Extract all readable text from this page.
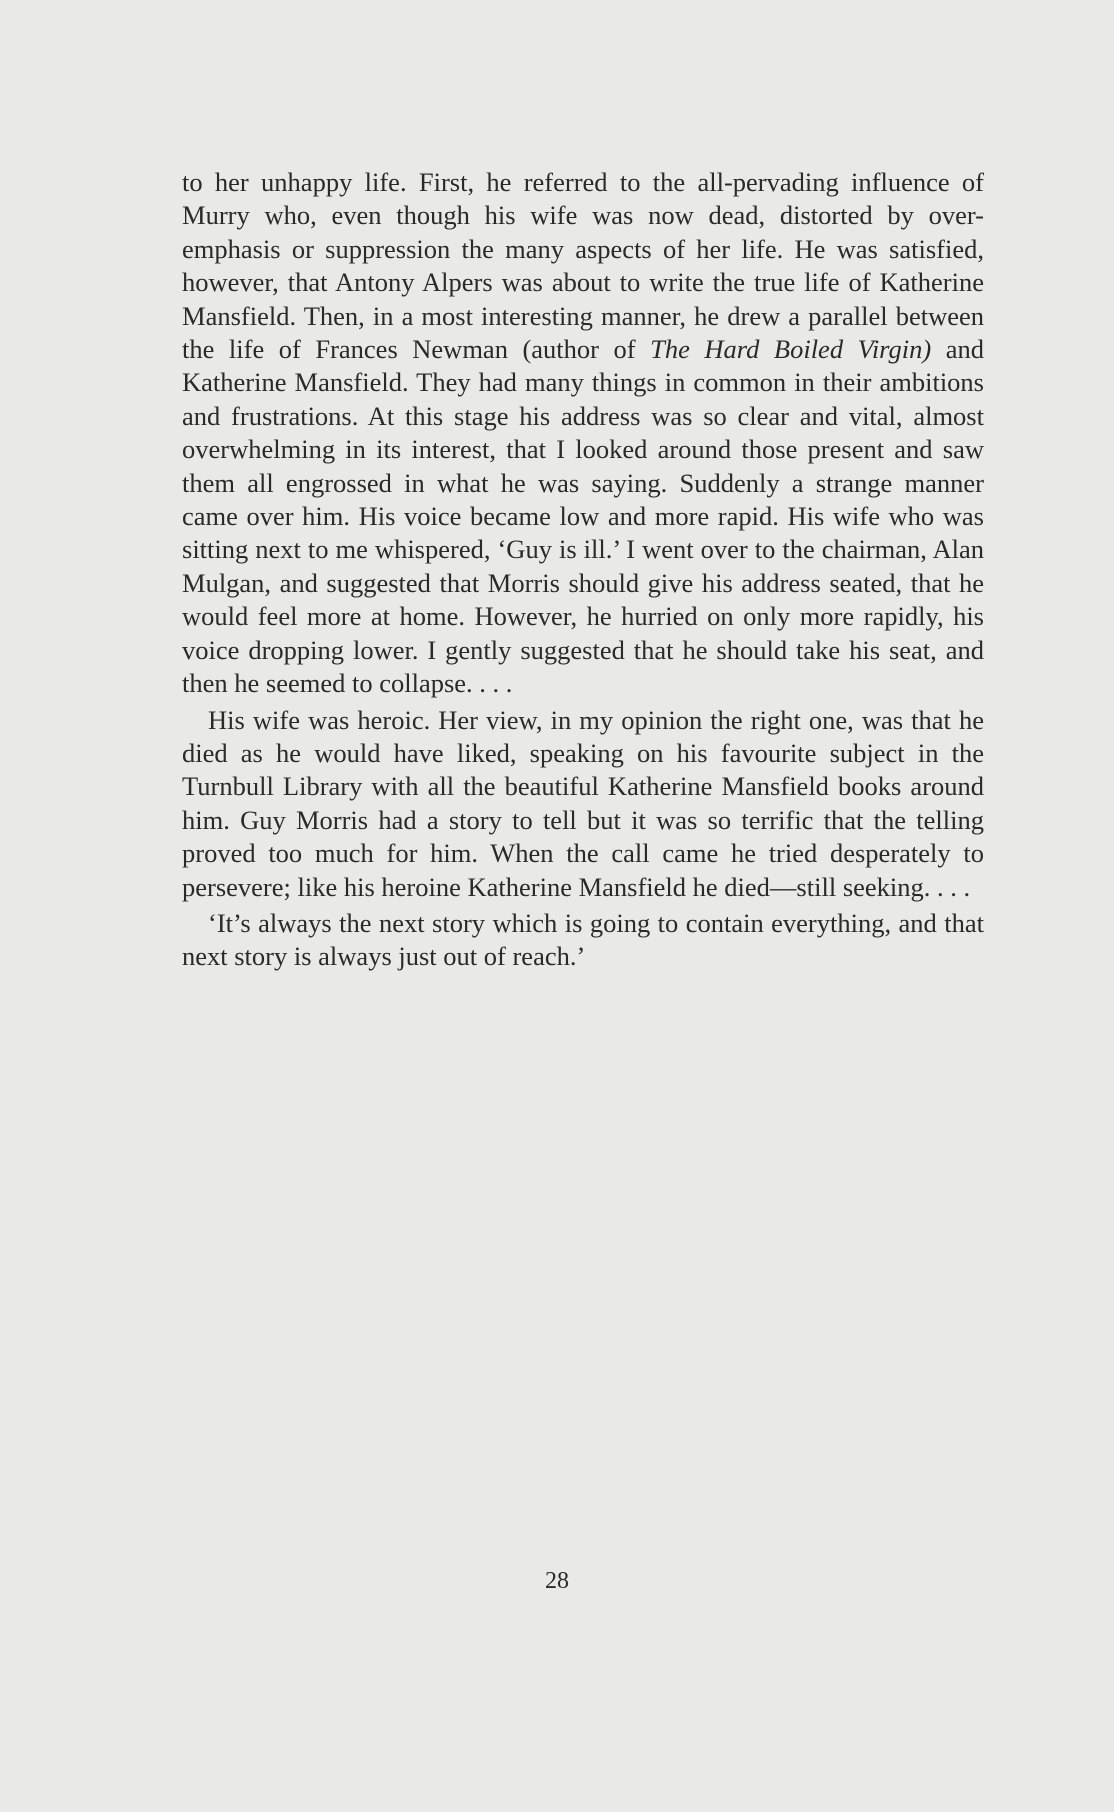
to her unhappy life. First, he referred to the all-pervading influence of Murry who, even though his wife was now dead, distorted by over-emphasis or suppression the many aspects of her life. He was satisfied, however, that Antony Alpers was about to write the true life of Katherine Mansfield. Then, in a most interesting manner, he drew a parallel between the life of Frances Newman (author of The Hard Boiled Virgin) and Katherine Mansfield. They had many things in common in their ambitions and frustrations. At this stage his address was so clear and vital, almost overwhelming in its interest, that I looked around those present and saw them all engrossed in what he was saying. Suddenly a strange manner came over him. His voice became low and more rapid. His wife who was sitting next to me whispered, ‘Guy is ill.’ I went over to the chairman, Alan Mulgan, and suggested that Morris should give his address seated, that he would feel more at home. However, he hurried on only more rapidly, his voice dropping lower. I gently suggested that he should take his seat, and then he seemed to collapse. . . .

His wife was heroic. Her view, in my opinion the right one, was that he died as he would have liked, speaking on his favourite subject in the Turnbull Library with all the beautiful Katherine Mansfield books around him. Guy Morris had a story to tell but it was so terrific that the telling proved too much for him. When the call came he tried desperately to persevere; like his heroine Katherine Mansfield he died—still seeking. . . .

‘It’s always the next story which is going to contain everything, and that next story is always just out of reach.’

28
